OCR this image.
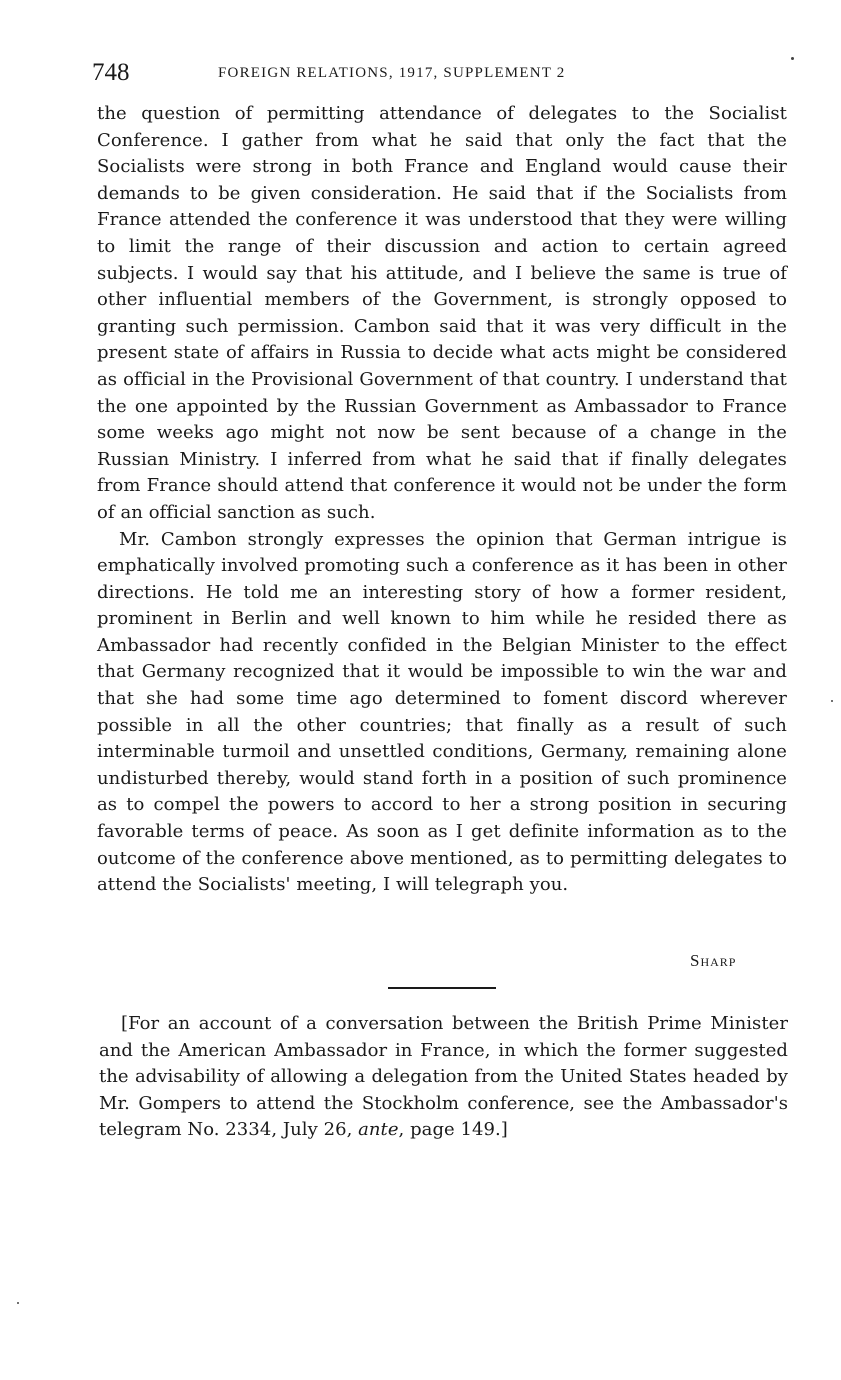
748	FOREIGN RELATIONS, 1917, SUPPLEMENT 2

the question of permitting attendance of delegates to the Socialist Conference. I gather from what he said that only the fact that the Socialists were strong in both France and England would cause their demands to be given consideration. He said that if the Socialists from France attended the conference it was understood that they were willing to limit the range of their discussion and action to certain agreed subjects. I would say that his attitude, and I believe the same is true of other influential members of the Government, is strongly opposed to granting such permission. Cambon said that it was very difficult in the present state of affairs in Russia to decide what acts might be considered as official in the Provisional Government of that country. I understand that the one appointed by the Russian Government as Ambassador to France some weeks ago might not now be sent because of a change in the Russian Ministry. I inferred from what he said that if finally delegates from France should attend that conference it would not be under the form of an official sanction as such.

Mr. Cambon strongly expresses the opinion that German intrigue is emphatically involved promoting such a conference as it has been in other directions. He told me an interesting story of how a former resident, prominent in Berlin and well known to him while he resided there as Ambassador had recently confided in the Belgian Minister to the effect that Germany recognized that it would be impossible to win the war and that she had some time ago determined to foment discord wherever possible in all the other countries; that finally as a result of such interminable turmoil and unsettled conditions, Germany, remaining alone undisturbed thereby, would stand forth in a position of such prominence as to compel the powers to accord to her a strong position in securing favorable terms of peace. As soon as I get definite information as to the outcome of the conference above mentioned, as to permitting delegates to attend the Socialists' meeting, I will telegraph you.

Sharp

[For an account of a conversation between the British Prime Minister and the American Ambassador in France, in which the former suggested the advisability of allowing a delegation from the United States headed by Mr. Gompers to attend the Stockholm conference, see the Ambassador's telegram No. 2334, July 26, ante, page 149.]
